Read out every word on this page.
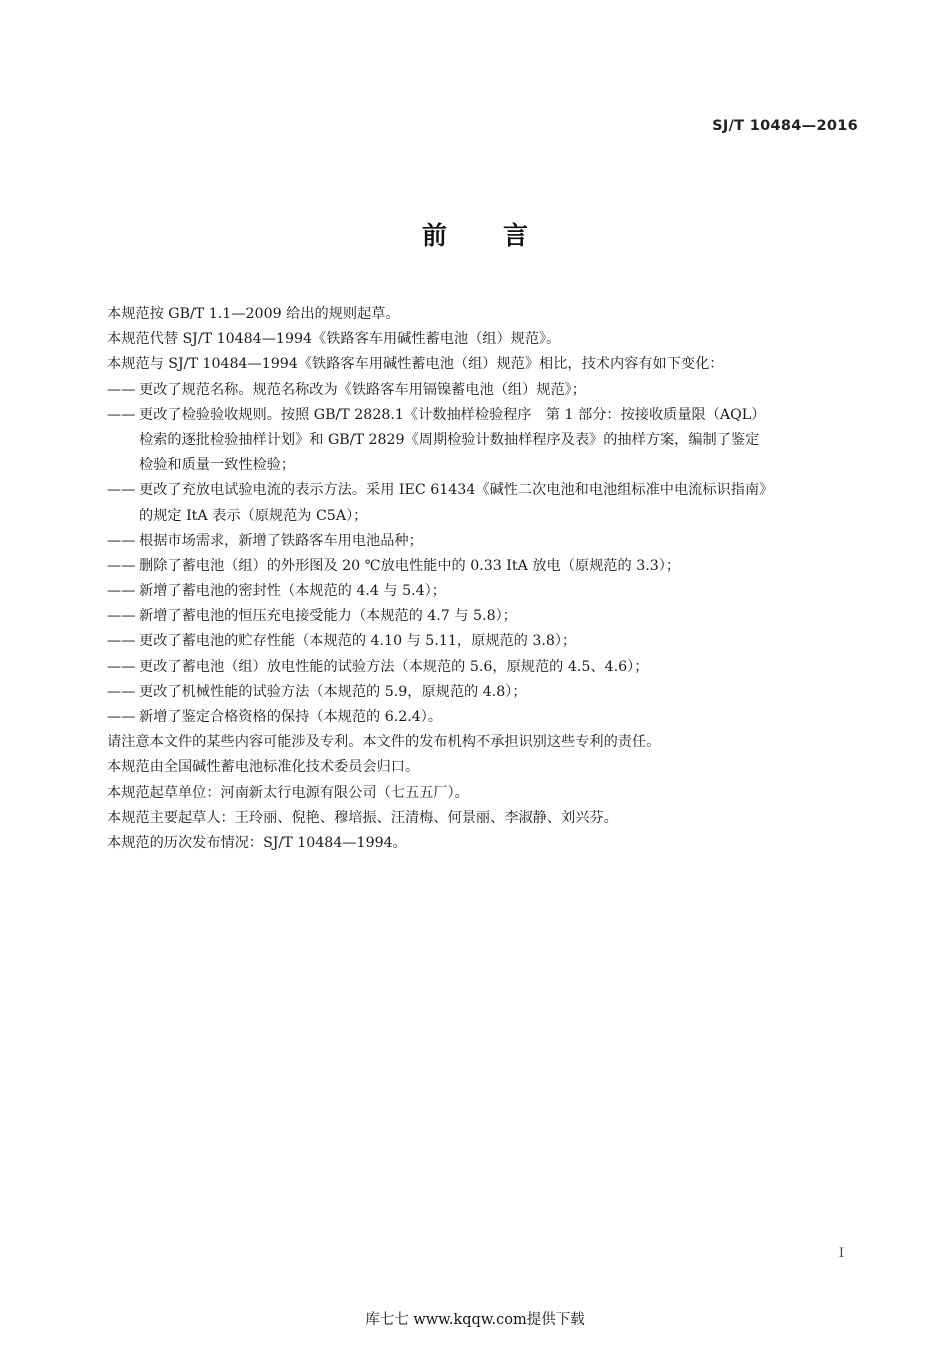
SJ/T 10484—2016
前言
本规范按 GB/T 1.1—2009 给出的规则起草。
本规范代替 SJ/T 10484—1994《铁路客车用碱性蓄电池（组）规范》。
本规范与 SJ/T 10484—1994《铁路客车用碱性蓄电池（组）规范》相比，技术内容有如下变化：
—— 更改了规范名称。规范名称改为《铁路客车用镉镍蓄电池（组）规范》；
—— 更改了检验验收规则。按照 GB/T 2828.1《计数抽样检验程序　第 1 部分：按接收质量限（AQL）
检索的逐批检验抽样计划》和 GB/T 2829《周期检验计数抽样程序及表》的抽样方案，编制了鉴定
检验和质量一致性检验；
—— 更改了充放电试验电流的表示方法。采用 IEC 61434《碱性二次电池和电池组标准中电流标识指南》
的规定 ItA 表示（原规范为 C5A）；
—— 根据市场需求，新增了铁路客车用电池品种；
—— 删除了蓄电池（组）的外形图及 20 ℃放电性能中的 0.33 ItA 放电（原规范的 3.3）；
—— 新增了蓄电池的密封性（本规范的 4.4 与 5.4）；
—— 新增了蓄电池的恒压充电接受能力（本规范的 4.7 与 5.8）；
—— 更改了蓄电池的贮存性能（本规范的 4.10 与 5.11，原规范的 3.8）；
—— 更改了蓄电池（组）放电性能的试验方法（本规范的 5.6，原规范的 4.5、4.6）；
—— 更改了机械性能的试验方法（本规范的 5.9，原规范的 4.8）；
—— 新增了鉴定合格资格的保持（本规范的 6.2.4）。
请注意本文件的某些内容可能涉及专利。本文件的发布机构不承担识别这些专利的责任。
本规范由全国碱性蓄电池标准化技术委员会归口。
本规范起草单位：河南新太行电源有限公司（七五五厂）。
本规范主要起草人：王玲丽、倪艳、穆培振、汪清梅、何景丽、李淑静、刘兴芬。
本规范的历次发布情况：SJ/T 10484—1994。
I
库七七 www.kqqw.com提供下载
